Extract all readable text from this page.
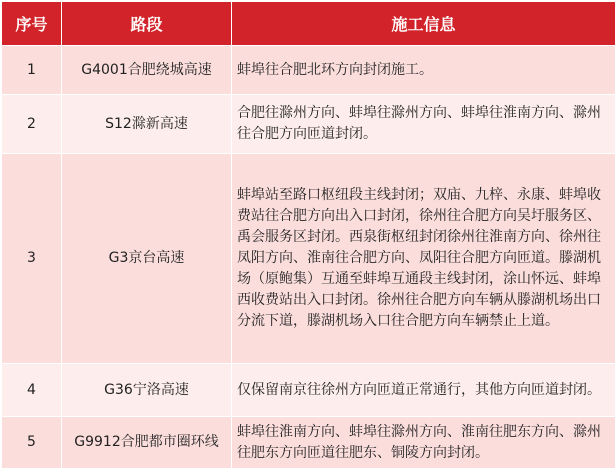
序号	路段	施工信息
1	G4001合肥绕城高速	蚌埠往合肥北环方向封闭施工。
2	S12滁新高速	合肥往滁州方向、蚌埠往滁州方向、蚌埠往淮南方向、滁州往合肥方向匝道封闭。
3	G3京台高速	蚌埠站至路口枢纽段主线封闭；双庙、九梓、永康、蚌埠收费站往合肥方向出入口封闭，徐州往合肥方向吴圩服务区、禹会服务区封闭。西泉街枢纽封闭徐州往淮南方向、徐州往凤阳方向、淮南往合肥方向、凤阳往合肥方向匝道。滕湖机场（原鲍集）互通至蚌埠互通段主线封闭，涂山怀远、蚌埠西收费站出入口封闭。徐州往合肥方向车辆从滕湖机场出口分流下道，滕湖机场入口往合肥方向车辆禁止上道。
4	G36宁洛高速	仅保留南京往徐州方向匝道正常通行，其他方向匝道封闭。
5	G9912合肥都市圈环线	蚌埠往淮南方向、蚌埠往滁州方向、淮南往肥东方向、滁州往肥东方向匝道往肥东、铜陵方向封闭。
